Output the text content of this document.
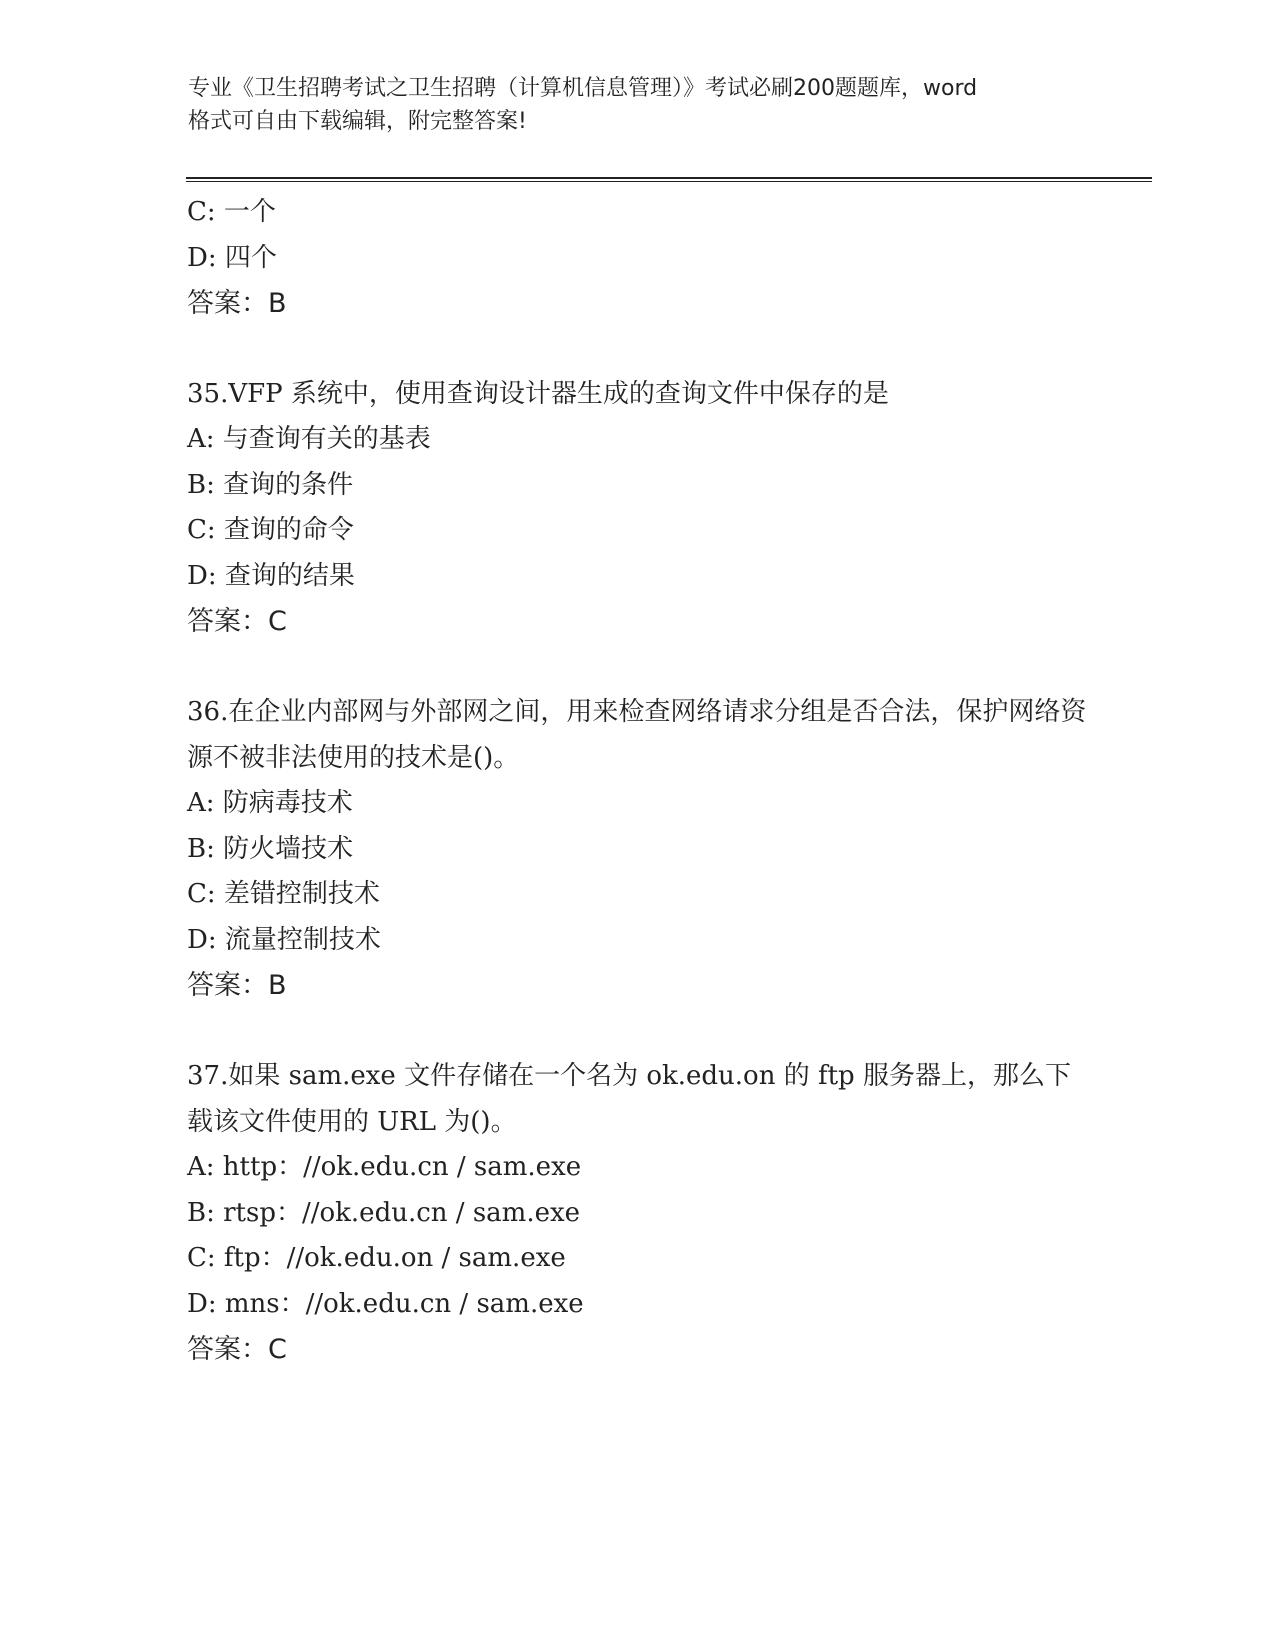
专业《卫生招聘考试之卫生招聘（计算机信息管理）》考试必刷200题题库，word
格式可自由下载编辑，附完整答案!
C: 一个
D: 四个
答案：B
35.VFP 系统中，使用查询设计器生成的查询文件中保存的是
A: 与查询有关的基表
B: 查询的条件
C: 查询的命令
D: 查询的结果
答案：C
36.在企业内部网与外部网之间，用来检查网络请求分组是否合法，保护网络资源不被非法使用的技术是()。
A: 防病毒技术
B: 防火墙技术
C: 差错控制技术
D: 流量控制技术
答案：B
37.如果 sam.exe 文件存储在一个名为 ok.edu.on 的 ftp 服务器上，那么下载该文件使用的 URL 为()。
A: http：//ok.edu.cn / sam.exe
B: rtsp：//ok.edu.cn / sam.exe
C: ftp：//ok.edu.on / sam.exe
D: mns：//ok.edu.cn / sam.exe
答案：C
